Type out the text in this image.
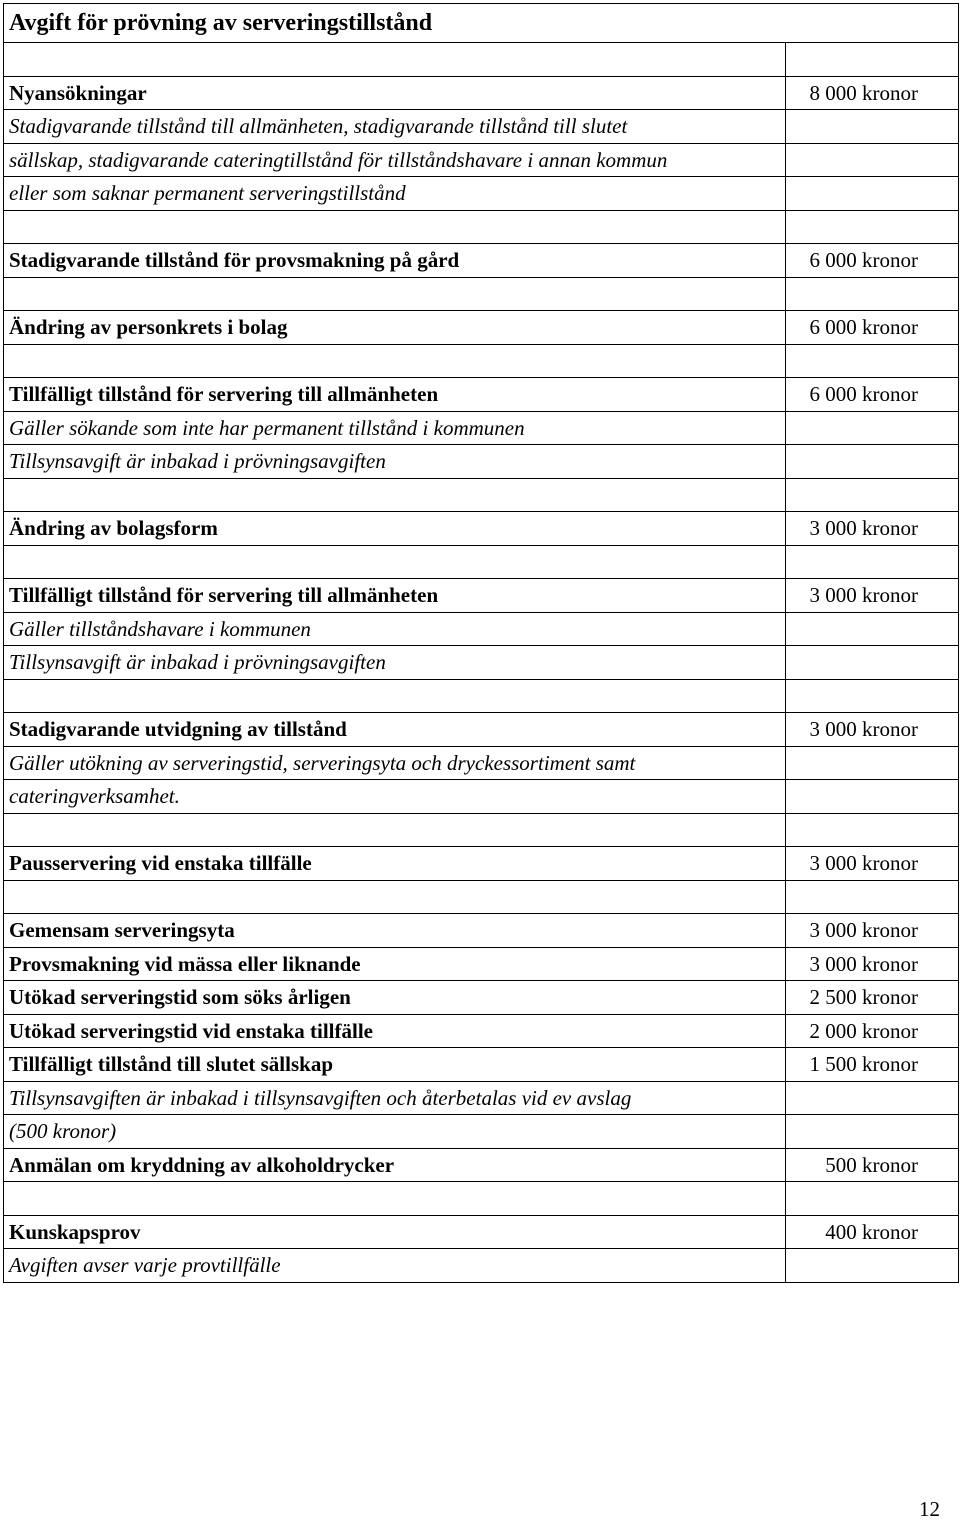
Avgift för prövning av serveringstillstånd	

Nyansökningar	8 000 kronor
Stadigvarande tillstånd till allmänheten, stadigvarande tillstånd till slutet	
sällskap, stadigvarande cateringtillstånd för tillståndshavare i annan kommun	
eller som saknar permanent serveringstillstånd	

Stadigvarande tillstånd för provsmakning på gård	6 000 kronor

Ändring av personkrets i bolag	6 000 kronor

Tillfälligt tillstånd för servering till allmänheten	6 000 kronor
Gäller sökande som inte har permanent tillstånd i kommunen	
Tillsynsavgift är inbakad i prövningsavgiften	

Ändring av bolagsform	3 000 kronor

Tillfälligt tillstånd för servering till allmänheten	3 000 kronor
Gäller tillståndshavare i kommunen	
Tillsynsavgift är inbakad i prövningsavgiften	

Stadigvarande utvidgning av tillstånd	3 000 kronor
Gäller utökning av serveringstid, serveringsyta och dryckessortiment samt	
cateringverksamhet.	

Pausservering vid enstaka tillfälle	3 000 kronor

Gemensam serveringsyta	3 000 kronor
Provsmakning vid mässa eller liknande	3 000 kronor
Utökad serveringstid som söks årligen	2 500 kronor
Utökad serveringstid vid enstaka tillfälle	2 000 kronor
Tillfälligt tillstånd till slutet sällskap	1 500 kronor
Tillsynsavgiften är inbakad i tillsynsavgiften och återbetalas vid ev avslag	
(500 kronor)	
Anmälan om kryddning av alkoholdrycker	500 kronor

Kunskapsprov	400 kronor
Avgiften avser varje provtillfälle	
12
